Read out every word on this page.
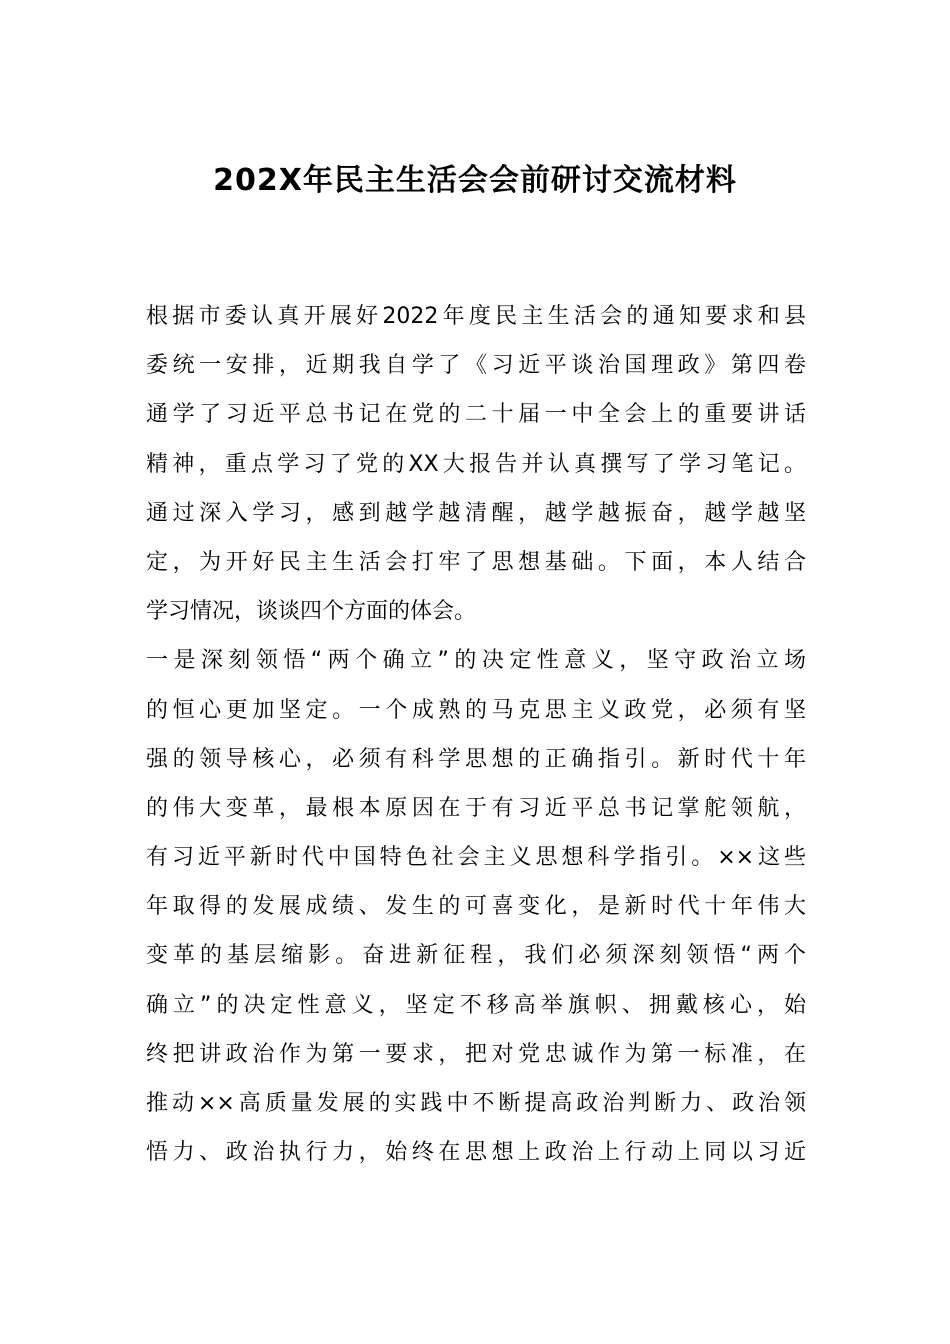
202X年民主生活会会前研讨交流材料
根据市委认真开展好2022年度民主生活会的通知要求和县
委统一安排，近期我自学了《习近平谈治国理政》第四卷
通学了习近平总书记在党的二十届一中全会上的重要讲话
精神，重点学习了党的XX大报告并认真撰写了学习笔记。
通过深入学习，感到越学越清醒，越学越振奋，越学越坚
定，为开好民主生活会打牢了思想基础。下面，本人结合
学习情况，谈谈四个方面的体会。
一是深刻领悟“两个确立”的决定性意义，坚守政治立场
的恒心更加坚定。一个成熟的马克思主义政党，必须有坚
强的领导核心，必须有科学思想的正确指引。新时代十年
的伟大变革，最根本原因在于有习近平总书记掌舵领航，
有习近平新时代中国特色社会主义思想科学指引。××这些
年取得的发展成绩、发生的可喜变化，是新时代十年伟大
变革的基层缩影。奋进新征程，我们必须深刻领悟“两个
确立”的决定性意义，坚定不移高举旗帜、拥戴核心，始
终把讲政治作为第一要求，把对党忠诚作为第一标准，在
推动××高质量发展的实践中不断提高政治判断力、政治领
悟力、政治执行力，始终在思想上政治上行动上同以习近
